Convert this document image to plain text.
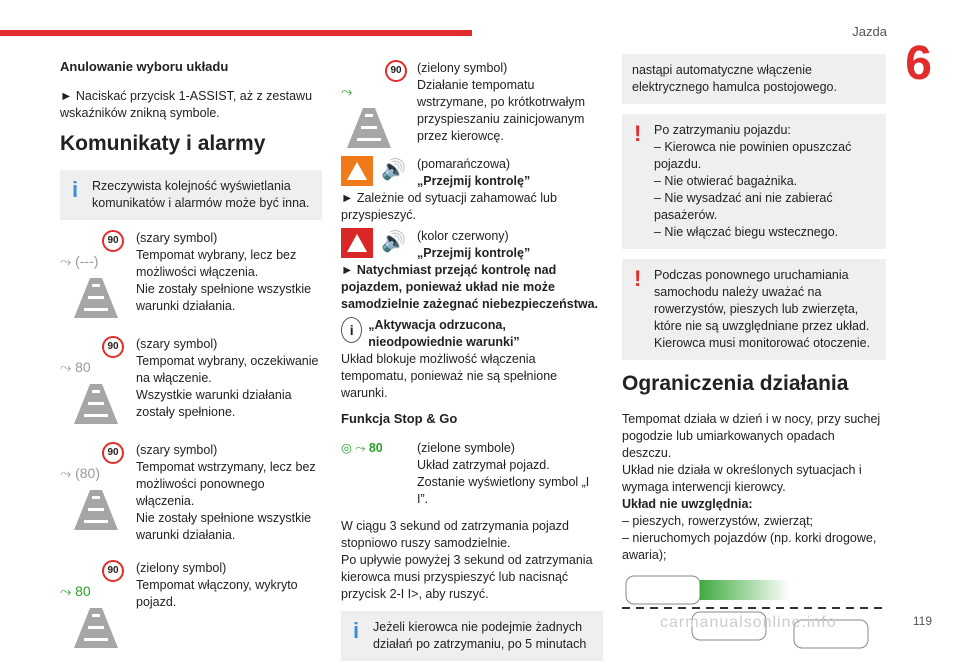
Jazda
6
119
Anulowanie wyboru układu
► Naciskać przycisk 1-ASSIST, aż z zestawu wskaźników znikną symbole.
Komunikaty i alarmy
i Rzeczywista kolejność wyświetlania komunikatów i alarmów może być inna.
90
⤳ (---)
(szary symbol)
Tempomat wybrany, lecz bez możliwości włączenia.
Nie zostały spełnione wszystkie warunki działania.
90
⤳ 80
(szary symbol)
Tempomat wybrany, oczekiwanie na włączenie.
Wszystkie warunki działania zostały spełnione.
90
⤳ (80)
(szary symbol)
Tempomat wstrzymany, lecz bez możliwości ponownego włączenia.
Nie zostały spełnione wszystkie warunki działania.
90
⤳ 80
(zielony symbol)
Tempomat włączony, wykryto pojazd.
90
⤳
(zielony symbol)
Działanie tempomatu wstrzymane, po krótkotrwałym przyspieszaniu zainicjowanym przez kierowcę.
🔊 (pomarańczowa)
„Przejmij kontrolę”
► Zależnie od sytuacji zahamować lub przyspieszyć.
🔊 (kolor czerwony)
„Przejmij kontrolę”
► Natychmiast przejąć kontrolę nad pojazdem, ponieważ układ nie może samodzielnie zażegnać niebezpieczeństwa.
i	„Aktywacja odrzucona, nieodpowiednie warunki”
Układ blokuje możliwość włączenia tempomatu, ponieważ nie są spełnione warunki.
Funkcja Stop & Go
◎ ⤳ 80	(zielone symbole)
Układ zatrzymał pojazd.
Zostanie wyświetlony symbol „I I”.
W ciągu 3 sekund od zatrzymania pojazd stopniowo ruszy samodzielnie.
Po upływie powyżej 3 sekund od zatrzymania kierowca musi przyspieszyć lub nacisnąć przycisk 2-I I>, aby ruszyć.
i Jeżeli kierowca nie podejmie żadnych działań po zatrzymaniu, po 5 minutach
nastąpi automatyczne włączenie elektrycznego hamulca postojowego.
! Po zatrzymaniu pojazdu:
– Kierowca nie powinien opuszczać pojazdu.
– Nie otwierać bagażnika.
– Nie wysadzać ani nie zabierać pasażerów.
– Nie włączać biegu wstecznego.
! Podczas ponownego uruchamiania samochodu należy uważać na rowerzystów, pieszych lub zwierzęta, które nie są uwzględniane przez układ.
Kierowca musi monitorować otoczenie.
Ograniczenia działania
Tempomat działa w dzień i w nocy, przy suchej pogodzie lub umiarkowanych opadach deszczu.
Układ nie działa w określonych sytuacjach i wymaga interwencji kierowcy.
Układ nie uwzględnia:
– pieszych, rowerzystów, zwierząt;
– nieruchomych pojazdów (np. korki drogowe, awaria);
carmanualsonline.info
